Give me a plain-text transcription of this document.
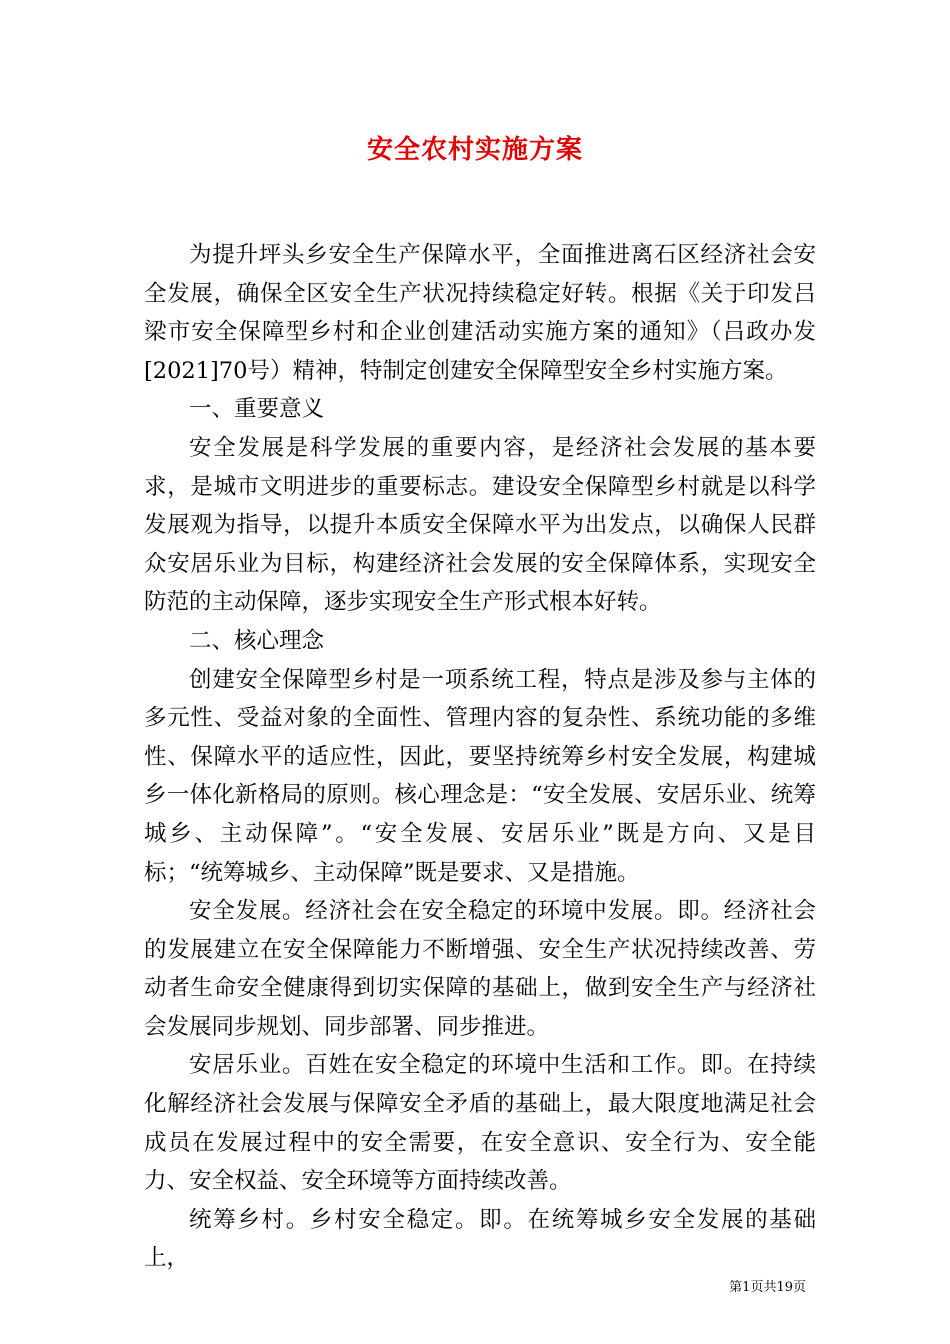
安全农村实施方案

为提升坪头乡安全生产保障水平，全面推进离石区经济社会安全发展，确保全区安全生产状况持续稳定好转。根据《关于印发吕梁市安全保障型乡村和企业创建活动实施方案的通知》（吕政办发[2021]70号）精神，特制定创建安全保障型安全乡村实施方案。

一、重要意义

安全发展是科学发展的重要内容，是经济社会发展的基本要求，是城市文明进步的重要标志。建设安全保障型乡村就是以科学发展观为指导，以提升本质安全保障水平为出发点，以确保人民群众安居乐业为目标，构建经济社会发展的安全保障体系，实现安全防范的主动保障，逐步实现安全生产形式根本好转。

二、核心理念

创建安全保障型乡村是一项系统工程，特点是涉及参与主体的多元性、受益对象的全面性、管理内容的复杂性、系统功能的多维性、保障水平的适应性，因此，要坚持统筹乡村安全发展，构建城乡一体化新格局的原则。核心理念是：“安全发展、安居乐业、统筹城乡、主动保障”。“安全发展、安居乐业”既是方向、又是目标；“统筹城乡、主动保障”既是要求、又是措施。

安全发展。经济社会在安全稳定的环境中发展。即。经济社会的发展建立在安全保障能力不断增强、安全生产状况持续改善、劳动者生命安全健康得到切实保障的基础上，做到安全生产与经济社会发展同步规划、同步部署、同步推进。

安居乐业。百姓在安全稳定的环境中生活和工作。即。在持续化解经济社会发展与保障安全矛盾的基础上，最大限度地满足社会成员在发展过程中的安全需要，在安全意识、安全行为、安全能力、安全权益、安全环境等方面持续改善。

统筹乡村。乡村安全稳定。即。在统筹城乡安全发展的基础上，

第1页共19页
